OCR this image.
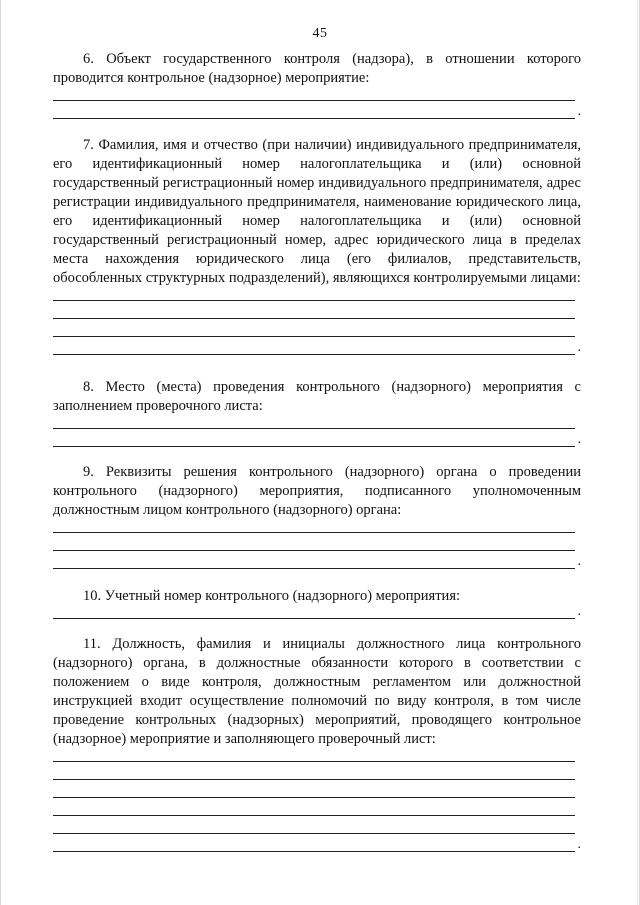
45

6. Объект государственного контроля (надзора), в отношении которого проводится контрольное (надзорное) мероприятие:

.

7. Фамилия, имя и отчество (при наличии) индивидуального предпринимателя, его идентификационный номер налогоплательщика и (или) основной государственный регистрационный номер индивидуального предпринимателя, адрес регистрации индивидуального предпринимателя, наименование юридического лица, его идентификационный номер налогоплательщика и (или) основной государственный регистрационный номер, адрес юридического лица в пределах места нахождения юридического лица (его филиалов, представительств, обособленных структурных подразделений), являющихся контролируемыми лицами:

.

8. Место (места) проведения контрольного (надзорного) мероприятия с заполнением проверочного листа:

.

9. Реквизиты решения контрольного (надзорного) органа о проведении контрольного (надзорного) мероприятия, подписанного уполномоченным должностным лицом контрольного (надзорного) органа:

.

10. Учетный номер контрольного (надзорного) мероприятия:

.

11. Должность, фамилия и инициалы должностного лица контрольного (надзорного) органа, в должностные обязанности которого в соответствии с положением о виде контроля, должностным регламентом или должностной инструкцией входит осуществление полномочий по виду контроля, в том числе проведение контрольных (надзорных) мероприятий, проводящего контрольное (надзорное) мероприятие и заполняющего проверочный лист:

.
